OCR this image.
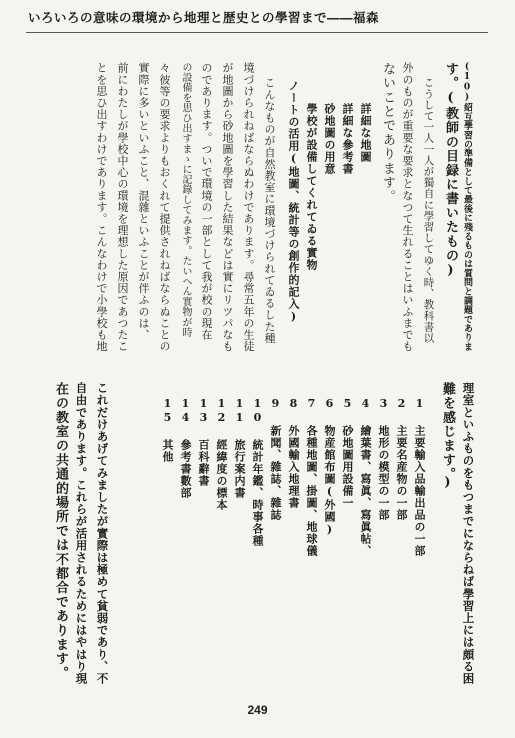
いろいろの意味の環境から地理と歴史との學習まで――福森
(10)紹互學習の準備として最後に殘るものは質問と調題でありま
す。(教師の目録に書いたもの)
こうして一人一人が獨自に學習してゆく時、教科書以
外のものが重要な要求となつて生れることはいふまでも
ないことであります。
詳細な地圖
詳細な參考書
砂地圖の用意
學校が設備してくれてゐる實物
ノートの活用(地圖、統計等の創作的記入)
こんなものが自然教室に環境づけられてゐるした種
境づけられねばならぬわけであります。尋常五年の生徒
が地圖から砂地圖を學習した結果などは實にリツパなも
のであります。ついで環境の一部として我が校の現在
の設備を思ひ出すまゝに記錄してみます。たいへん實物が時
々彼等の要求よりもおくれて提供されねばならぬことの
實際に多いといふこと、混雜といふことが伴ふのは、
前にわたしが學校中心の環境を理想した原因であつたこ
とを思ひ出すわけであります。こんなわけで小學校も地
理室といふものをもつまでにならねば學習上には頗る困
難を感じます。)
1 主要輸入品輸出品の一部
2 主要名産物の一部
3 地形の模型の一部
4 繪葉書、寫眞、寫眞帖、
5 砂地圖用設備一
6 物産館布圖(外國)
7 各種地圖、掛圖、地球儀
8 外國輸入地理書
9 新聞、雜誌、雜誌
10 統計年鑑、時事各種
11 旅行案内書
12 經緯度の標本
13 百科辭書
14 參考書數部
15 其他
これだけあげてみましたが實際は極めて貧弱であり、不
自由であります。これらが活用されるためにはやはり現
在の教室の共通的場所では不都合であります。
249
